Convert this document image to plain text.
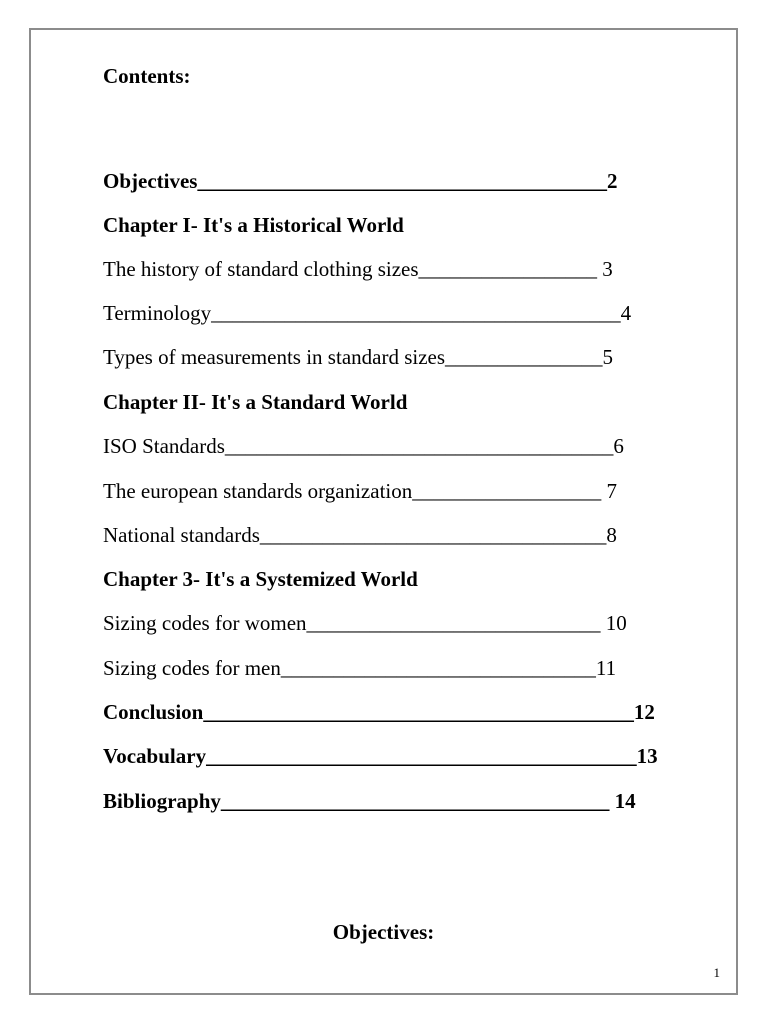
Contents:
Objectives_______________________________________2
Chapter I- It's a Historical World
The history of standard clothing sizes_________________ 3
Terminology_______________________________________4
Types of measurements in standard sizes_______________5
Chapter II- It's a Standard World
ISO Standards_____________________________________6
The european standards organization__________________ 7
National standards_________________________________8
Chapter 3- It's a Systemized World
Sizing codes for women____________________________ 10
Sizing codes for men______________________________11
Conclusion_________________________________________12
Vocabulary_________________________________________13
Bibliography_____________________________________ 14
Objectives:
1
